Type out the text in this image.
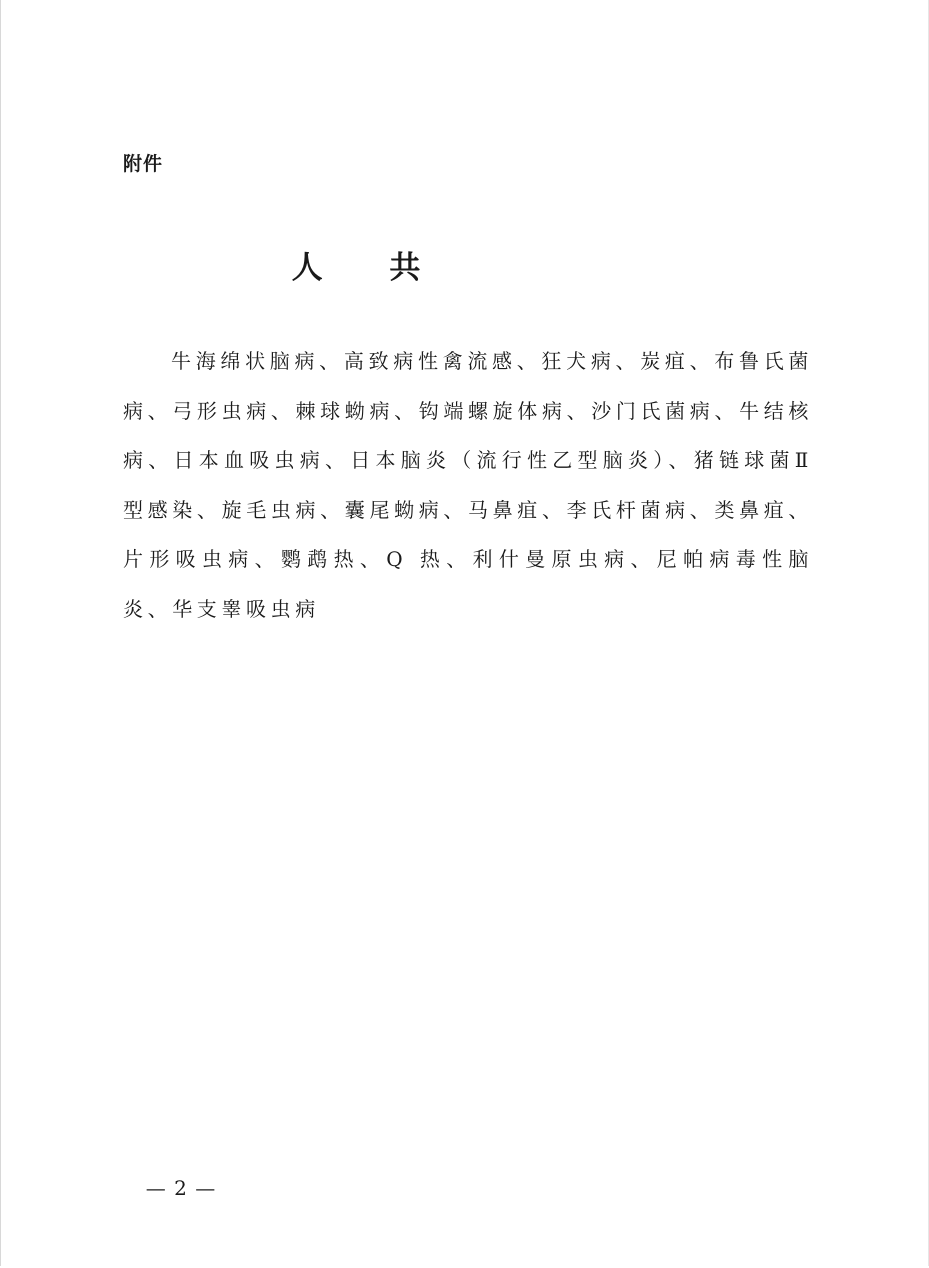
附件
人 共

牛海绵状脑病、高致病性禽流感、狂犬病、炭疽、布鲁氏菌病、弓形虫病、棘球蚴病、钩端螺旋体病、沙门氏菌病、牛结核病、日本血吸虫病、日本脑炎（流行性乙型脑炎）、猪链球菌Ⅱ型感染、旋毛虫病、囊尾蚴病、马鼻疽、李氏杆菌病、类鼻疽、片形吸虫病、鹦鹉热、Q 热、利什曼原虫病、尼帕病毒性脑炎、华支睾吸虫病

— 2 —
